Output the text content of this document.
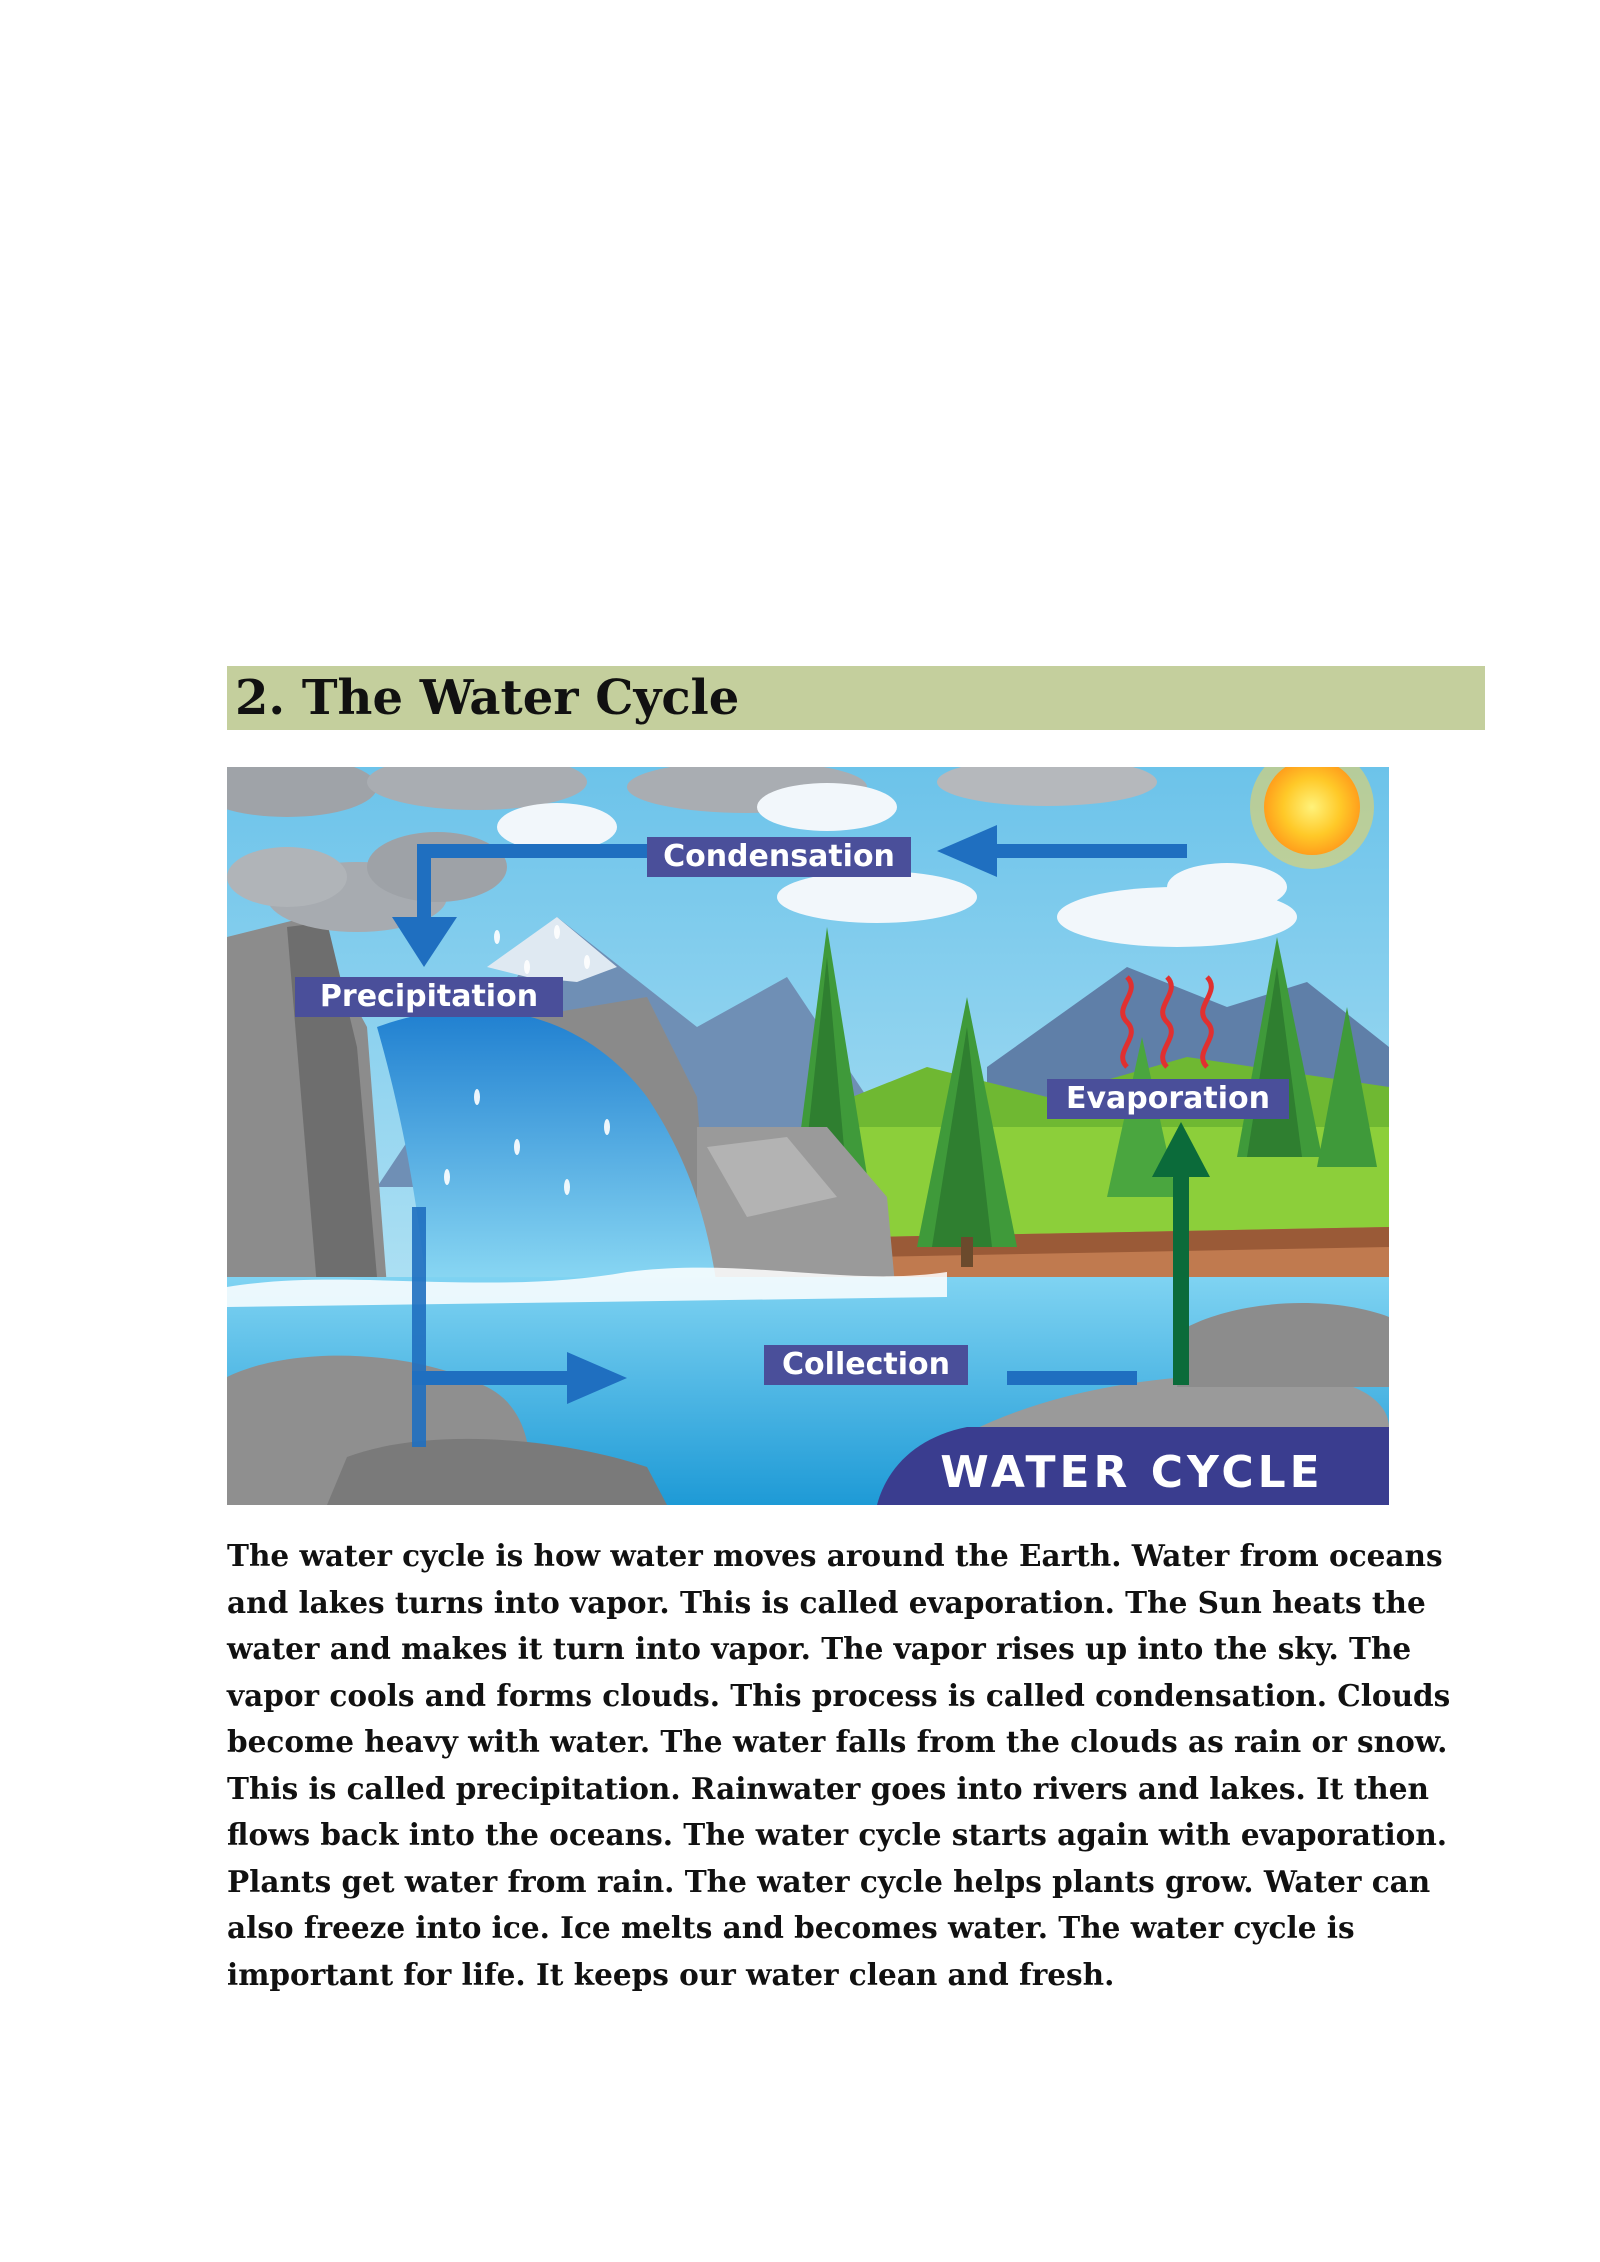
2. The Water Cycle
Condensation
Precipitation
Evaporation
Collection
WATER CYCLE

The water cycle is how water moves around the Earth. Water from oceans and lakes turns into vapor. This is called evaporation. The Sun heats the water and makes it turn into vapor. The vapor rises up into the sky. The vapor cools and forms clouds. This process is called condensation. Clouds become heavy with water. The water falls from the clouds as rain or snow. This is called precipitation. Rainwater goes into rivers and lakes. It then flows back into the oceans. The water cycle starts again with evaporation. Plants get water from rain. The water cycle helps plants grow. Water can also freeze into ice. Ice melts and becomes water. The water cycle is important for life. It keeps our water clean and fresh.
